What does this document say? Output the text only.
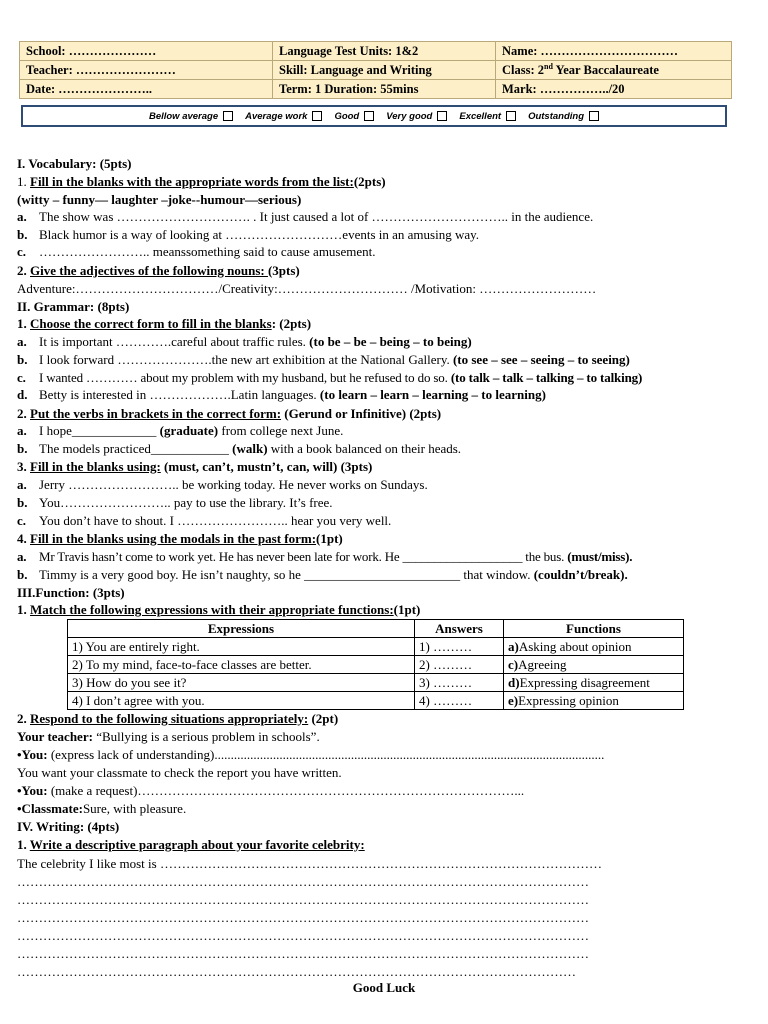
School: …………………	Language Test Units: 1&2	Name: ……………………………
Teacher: ……………………	Skill: Language and Writing	Class: 2nd Year Baccalaureate
Date: …………………..	Term: 1 Duration: 55mins	Mark: ……………../20
Bellow average	Average work	Good	Very good	Excellent	Outstanding
I. Vocabulary: (5pts)
1. Fill in the blanks with the appropriate words from the list:(2pts)
(witty – funny— laughter –joke--humour—serious)
a. The show was …………………………. . It just caused a lot of ………………………….. in the audience.
b. Black humor is a way of looking at ………………………events in an amusing way.
c. …………………….. meanssomething said to cause amusement.
2. Give the adjectives of the following nouns: (3pts)
Adventure:……………………………/Creativity:………………………… /Motivation: ………………………
II. Grammar: (8pts)
1. Choose the correct form to fill in the blanks: (2pts)
a. It is important ………….careful about traffic rules. (to be – be – being – to being)
b. I look forward ………………….the new art exhibition at the National Gallery. (to see – see – seeing – to seeing)
c. I wanted ………… about my problem with my husband, but he refused to do so. (to talk – talk – talking – to talking)
d. Betty is interested in ……………….Latin languages. (to learn – learn – learning – to learning)
2. Put the verbs in brackets in the correct form: (Gerund or Infinitive) (2pts)
a. I hope_____________ (graduate) from college next June.
b. The models practiced____________ (walk) with a book balanced on their heads.
3. Fill in the blanks using: (must, can’t, mustn’t, can, will) (3pts)
a. Jerry …………………….. be working today. He never works on Sundays.
b. You…………………….. pay to use the library. It’s free.
c. You don’t have to shout. I …………………….. hear you very well.
4. Fill in the blanks using the modals in the past form:(1pt)
a. Mr Travis hasn’t come to work yet. He has never been late for work. He ___________________ the bus. (must/miss).
b. Timmy is a very good boy. He isn’t naughty, so he ________________________ that window. (couldn’t/break).
III.Function: (3pts)
1. Match the following expressions with their appropriate functions:(1pt)
Expressions	Answers	Functions
1) You are entirely right.	1) ………	a)Asking about opinion
2) To my mind, face-to-face classes are better.	2) ………	c)Agreeing
3) How do you see it?	3) ………	d)Expressing disagreement
4) I don’t agree with you.	4) ………	e)Expressing opinion
2. Respond to the following situations appropriately: (2pt)
Your teacher: “Bullying is a serious problem in schools”.
•You: (express lack of understanding)........................................................................................................................
You want your classmate to check the report you have written.
•You: (make a request)……………………………………………………………………………...
•Classmate:Sure, with pleasure.
IV. Writing: (4pts)
1. Write a descriptive paragraph about your favorite celebrity:
The celebrity I like most is …………………………………………………………………………………………
……………………………………………………………………………………………………………………
……………………………………………………………………………………………………………………
……………………………………………………………………………………………………………………
……………………………………………………………………………………………………………………
……………………………………………………………………………………………………………………
…………………………………………………………………………………………………………………
Good Luck
